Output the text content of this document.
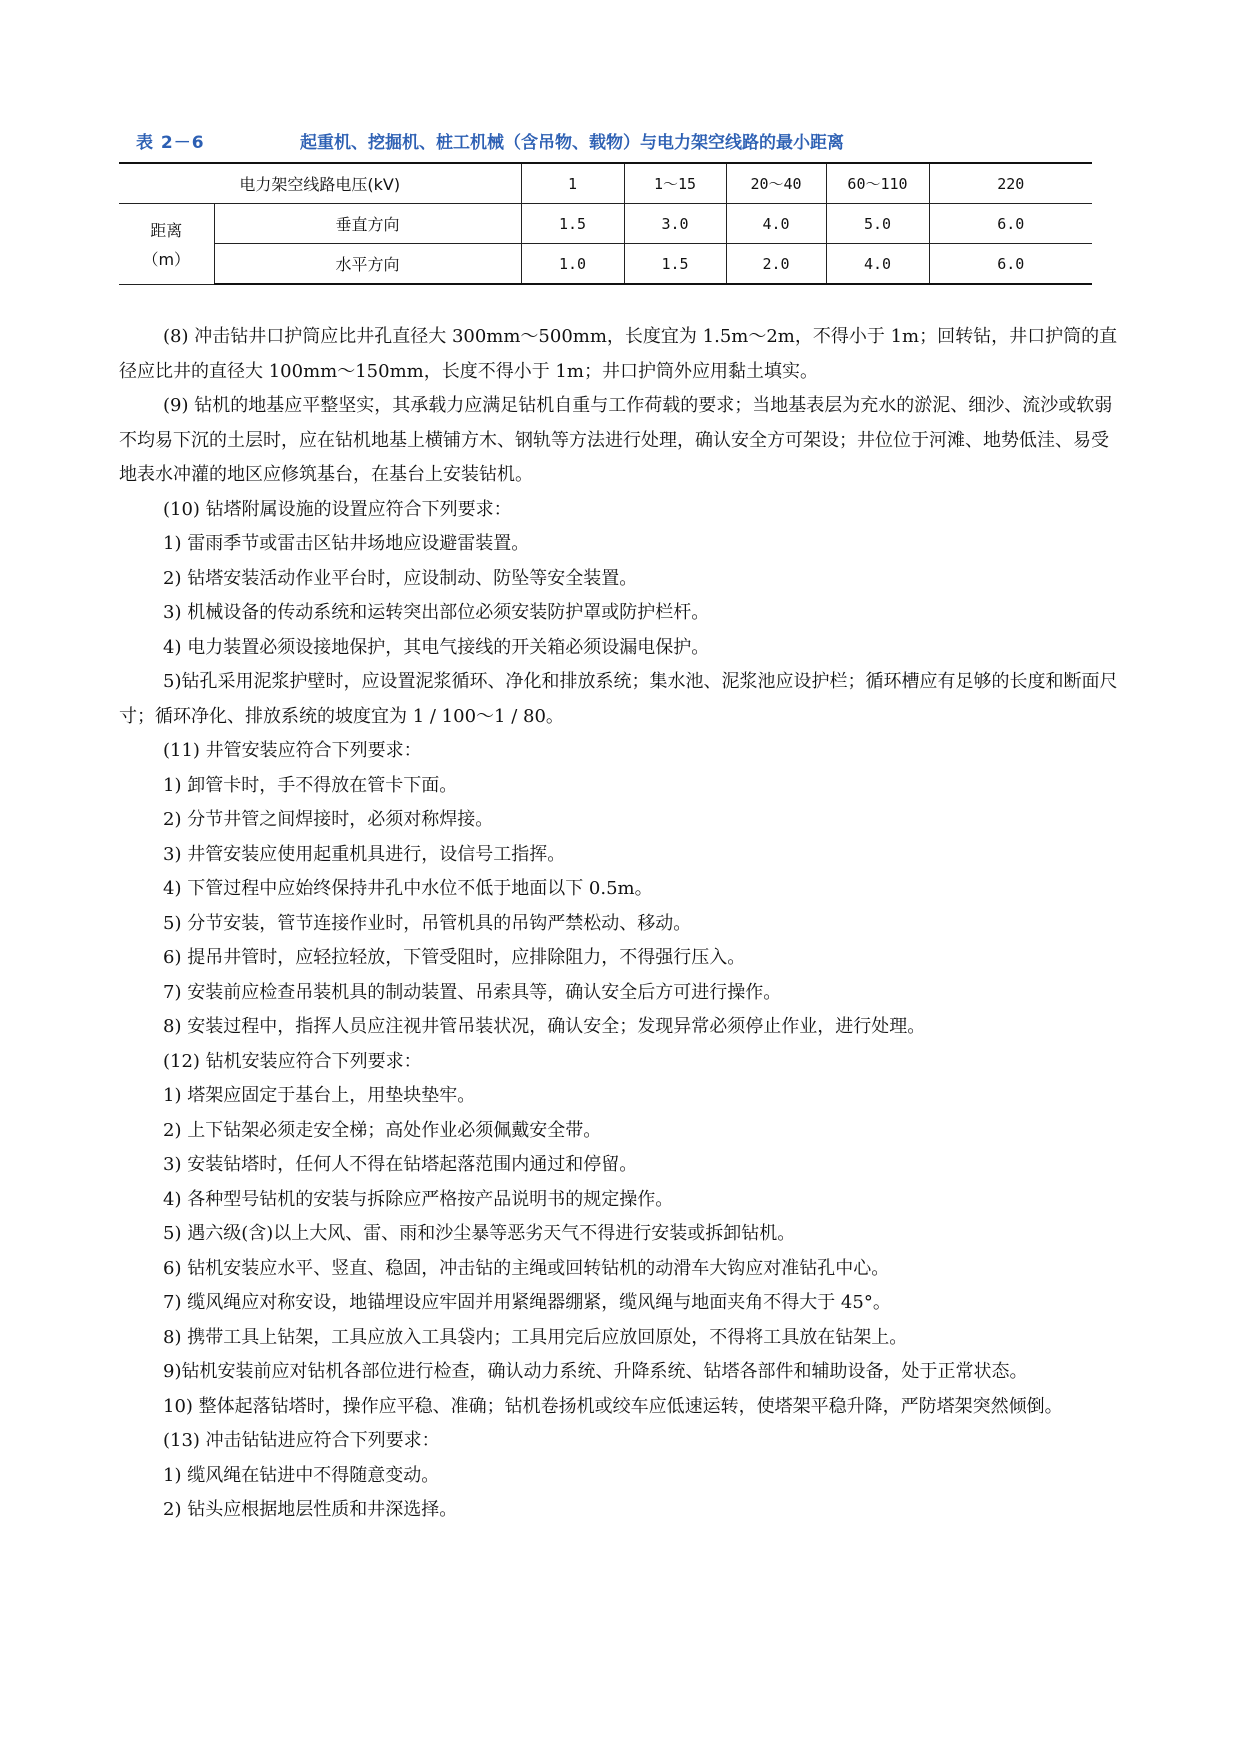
表 2－6	起重机、挖掘机、桩工机械（含吊物、载物）与电力架空线路的最小距离
电力架空线路电压(kV)		1	1～15	20～40	60～110	220

距离
（m）	垂直方向	1.5	3.0	4.0	5.0	6.0
	水平方向	1.0	1.5	2.0	4.0	6.0

(8) 冲击钻井口护筒应比井孔直径大 300mm～500mm，长度宜为 1.5m～2m，不得小于 1m；回转钻，井口护筒的直径应比井的直径大 100mm～150mm，长度不得小于 1m；井口护筒外应用黏土填实。

(9) 钻机的地基应平整坚实，其承载力应满足钻机自重与工作荷载的要求；当地基表层为充水的淤泥、细沙、流沙或软弱不均易下沉的土层时，应在钻机地基上横铺方木、钢轨等方法进行处理，确认安全方可架设；井位位于河滩、地势低洼、易受地表水冲灌的地区应修筑基台，在基台上安装钻机。

(10) 钻塔附属设施的设置应符合下列要求：

1) 雷雨季节或雷击区钻井场地应设避雷装置。

2) 钻塔安装活动作业平台时，应设制动、防坠等安全装置。

3) 机械设备的传动系统和运转突出部位必须安装防护罩或防护栏杆。

4) 电力装置必须设接地保护，其电气接线的开关箱必须设漏电保护。

5)钻孔采用泥浆护壁时，应设置泥浆循环、净化和排放系统；集水池、泥浆池应设护栏；循环槽应有足够的长度和断面尺寸；循环净化、排放系统的坡度宜为 1 / 100～1 / 80。

(11) 井管安装应符合下列要求：

1) 卸管卡时，手不得放在管卡下面。

2) 分节井管之间焊接时，必须对称焊接。

3) 井管安装应使用起重机具进行，设信号工指挥。

4) 下管过程中应始终保持井孔中水位不低于地面以下 0.5m。

5) 分节安装，管节连接作业时，吊管机具的吊钩严禁松动、移动。

6) 提吊井管时，应轻拉轻放，下管受阻时，应排除阻力，不得强行压入。

7) 安装前应检查吊装机具的制动装置、吊索具等，确认安全后方可进行操作。

8) 安装过程中，指挥人员应注视井管吊装状况，确认安全；发现异常必须停止作业，进行处理。

(12) 钻机安装应符合下列要求：

1) 塔架应固定于基台上，用垫块垫牢。

2) 上下钻架必须走安全梯；高处作业必须佩戴安全带。

3) 安装钻塔时，任何人不得在钻塔起落范围内通过和停留。

4) 各种型号钻机的安装与拆除应严格按产品说明书的规定操作。

5) 遇六级(含)以上大风、雷、雨和沙尘暴等恶劣天气不得进行安装或拆卸钻机。

6) 钻机安装应水平、竖直、稳固，冲击钻的主绳或回转钻机的动滑车大钩应对准钻孔中心。

7) 缆风绳应对称安设，地锚埋设应牢固并用紧绳器绷紧，缆风绳与地面夹角不得大于 45°。

8) 携带工具上钻架，工具应放入工具袋内；工具用完后应放回原处，不得将工具放在钻架上。

9)钻机安装前应对钻机各部位进行检查，确认动力系统、升降系统、钻塔各部件和辅助设备，处于正常状态。

10) 整体起落钻塔时，操作应平稳、准确；钻机卷扬机或绞车应低速运转，使塔架平稳升降，严防塔架突然倾倒。

(13) 冲击钻钻进应符合下列要求：

1) 缆风绳在钻进中不得随意变动。

2) 钻头应根据地层性质和井深选择。
